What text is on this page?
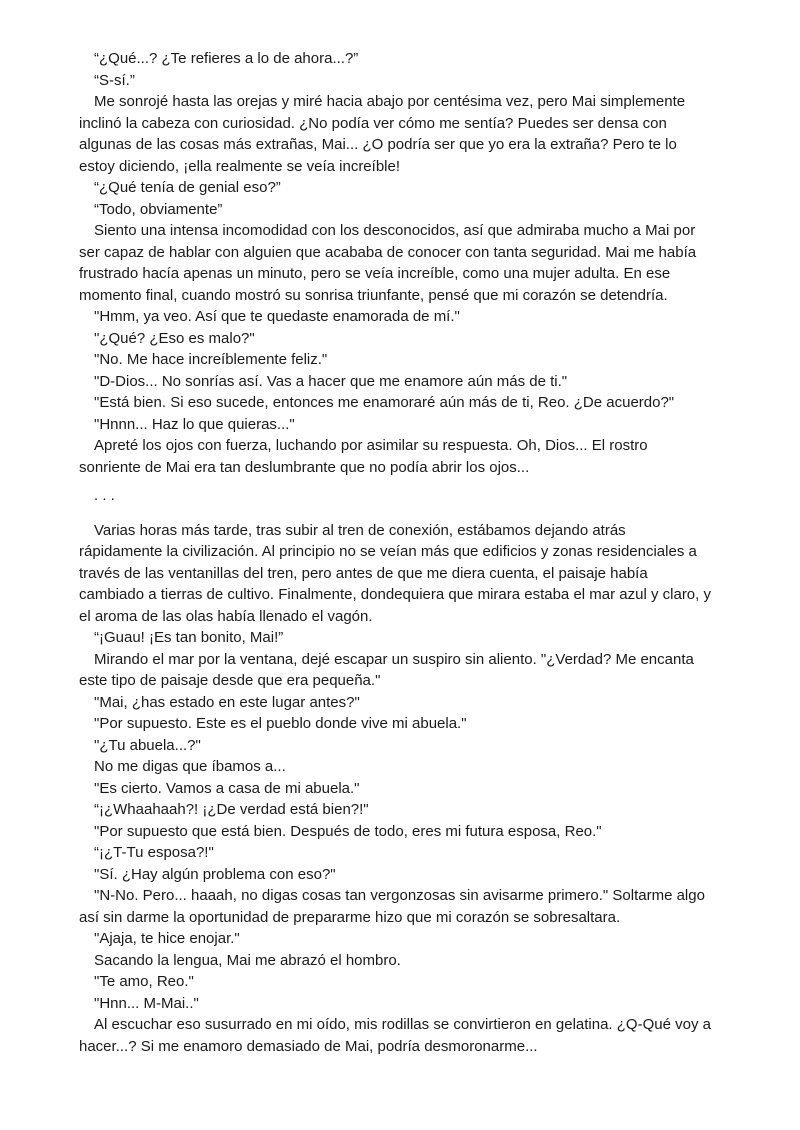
“¿Qué...? ¿Te refieres a lo de ahora...?”

“S-sí.”

Me sonrojé hasta las orejas y miré hacia abajo por centésima vez, pero Mai simplemente inclinó la cabeza con curiosidad. ¿No podía ver cómo me sentía? Puedes ser densa con algunas de las cosas más extrañas, Mai... ¿O podría ser que yo era la extraña? Pero te lo estoy diciendo, ¡ella realmente se veía increíble!

“¿Qué tenía de genial eso?”

“Todo, obviamente”

Siento una intensa incomodidad con los desconocidos, así que admiraba mucho a Mai por ser capaz de hablar con alguien que acababa de conocer con tanta seguridad. Mai me había frustrado hacía apenas un minuto, pero se veía increíble, como una mujer adulta. En ese momento final, cuando mostró su sonrisa triunfante, pensé que mi corazón se detendría.

"Hmm, ya veo. Así que te quedaste enamorada de mí."

"¿Qué? ¿Eso es malo?"

"No. Me hace increíblemente feliz."

"D-Dios... No sonrías así. Vas a hacer que me enamore aún más de ti."

"Está bien. Si eso sucede, entonces me enamoraré aún más de ti, Reo. ¿De acuerdo?"

"Hnnn... Haz lo que quieras..."

Apreté los ojos con fuerza, luchando por asimilar su respuesta. Oh, Dios... El rostro sonriente de Mai era tan deslumbrante que no podía abrir los ojos...

. . .

Varias horas más tarde, tras subir al tren de conexión, estábamos dejando atrás rápidamente la civilización. Al principio no se veían más que edificios y zonas residenciales a través de las ventanillas del tren, pero antes de que me diera cuenta, el paisaje había cambiado a tierras de cultivo. Finalmente, dondequiera que mirara estaba el mar azul y claro, y el aroma de las olas había llenado el vagón.

“¡Guau! ¡Es tan bonito, Mai!”

Mirando el mar por la ventana, dejé escapar un suspiro sin aliento. "¿Verdad? Me encanta este tipo de paisaje desde que era pequeña."

"Mai, ¿has estado en este lugar antes?"

"Por supuesto. Este es el pueblo donde vive mi abuela."

"¿Tu abuela...?"

No me digas que íbamos a...

"Es cierto. Vamos a casa de mi abuela."

“¡¿Whaahaah?! ¡¿De verdad está bien?!"

"Por supuesto que está bien. Después de todo, eres mi futura esposa, Reo."

“¡¿T-Tu esposa?!"

"Sí. ¿Hay algún problema con eso?"

"N-No. Pero... haaah, no digas cosas tan vergonzosas sin avisarme primero." Soltarme algo así sin darme la oportunidad de prepararme hizo que mi corazón se sobresaltara.

"Ajaja, te hice enojar."

Sacando la lengua, Mai me abrazó el hombro.

"Te amo, Reo."

"Hnn... M-Mai.."

Al escuchar eso susurrado en mi oído, mis rodillas se convirtieron en gelatina. ¿Q-Qué voy a hacer...? Si me enamoro demasiado de Mai, podría desmoronarme...
